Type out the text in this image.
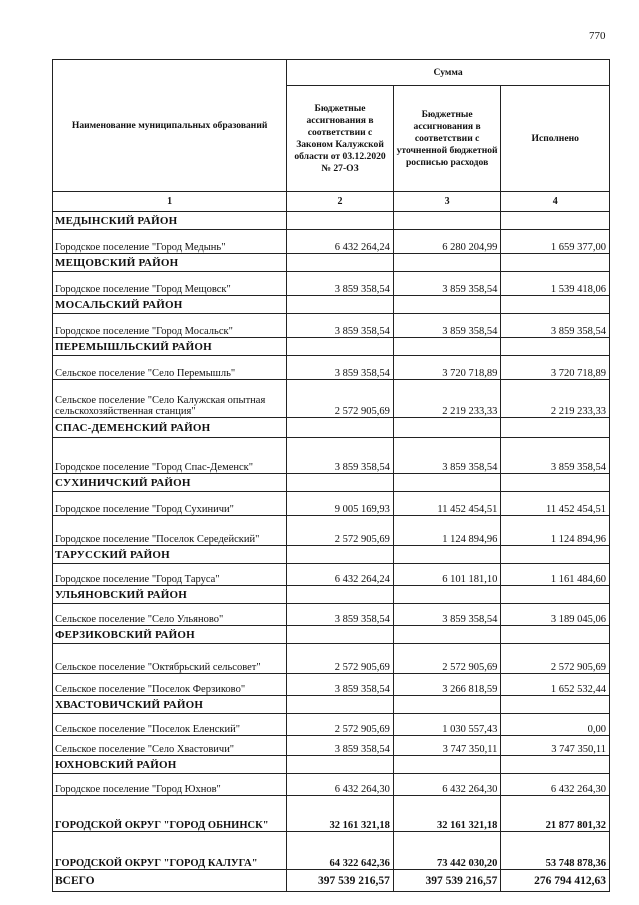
770
Наименование муниципальных образований	Сумма		
	Бюджетные ассигнования в соответствии с Законом Калужской области от 03.12.2020 № 27-ОЗ	Бюджетные ассигнования в соответствии с уточненной бюджетной росписью расходов	Исполнено
1	2	3	4
МЕДЫНСКИЙ РАЙОН			
Городское поселение "Город Медынь"	6 432 264,24	6 280 204,99	1 659 377,00
МЕЩОВСКИЙ РАЙОН			
Городское поселение "Город Мещовск"	3 859 358,54	3 859 358,54	1 539 418,06
МОСАЛЬСКИЙ РАЙОН			
Городское поселение "Город Мосальск"	3 859 358,54	3 859 358,54	3 859 358,54
ПЕРЕМЫШЛЬСКИЙ РАЙОН			
Сельское поселение "Село Перемышль"	3 859 358,54	3 720 718,89	3 720 718,89
Сельское поселение "Село Калужская опытная сельскохозяйственная станция"	2 572 905,69	2 219 233,33	2 219 233,33
СПАС-ДЕМЕНСКИЙ РАЙОН			
Городское поселение "Город Спас-Деменск"	3 859 358,54	3 859 358,54	3 859 358,54
СУХИНИЧСКИЙ РАЙОН			
Городское поселение "Город Сухиничи"	9 005 169,93	11 452 454,51	11 452 454,51
Городское поселение "Поселок Середейский"	2 572 905,69	1 124 894,96	1 124 894,96
ТАРУССКИЙ РАЙОН			
Городское поселение "Город Таруса"	6 432 264,24	6 101 181,10	1 161 484,60
УЛЬЯНОВСКИЙ РАЙОН			
Сельское поселение "Село Ульяново"	3 859 358,54	3 859 358,54	3 189 045,06
ФЕРЗИКОВСКИЙ РАЙОН			
Сельское поселение "Октябрьский сельсовет"	2 572 905,69	2 572 905,69	2 572 905,69
Сельское поселение "Поселок Ферзиково"	3 859 358,54	3 266 818,59	1 652 532,44
ХВАСТОВИЧСКИЙ РАЙОН			
Сельское поселение "Поселок Еленский"	2 572 905,69	1 030 557,43	0,00
Сельское поселение "Село Хвастовичи"	3 859 358,54	3 747 350,11	3 747 350,11
ЮХНОВСКИЙ РАЙОН			
Городское поселение "Город Юхнов"	6 432 264,30	6 432 264,30	6 432 264,30
ГОРОДСКОЙ ОКРУГ "ГОРОД ОБНИНСК"	32 161 321,18	32 161 321,18	21 877 801,32
ГОРОДСКОЙ ОКРУГ "ГОРОД КАЛУГА"	64 322 642,36	73 442 030,20	53 748 878,36
ВСЕГО	397 539 216,57	397 539 216,57	276 794 412,63
